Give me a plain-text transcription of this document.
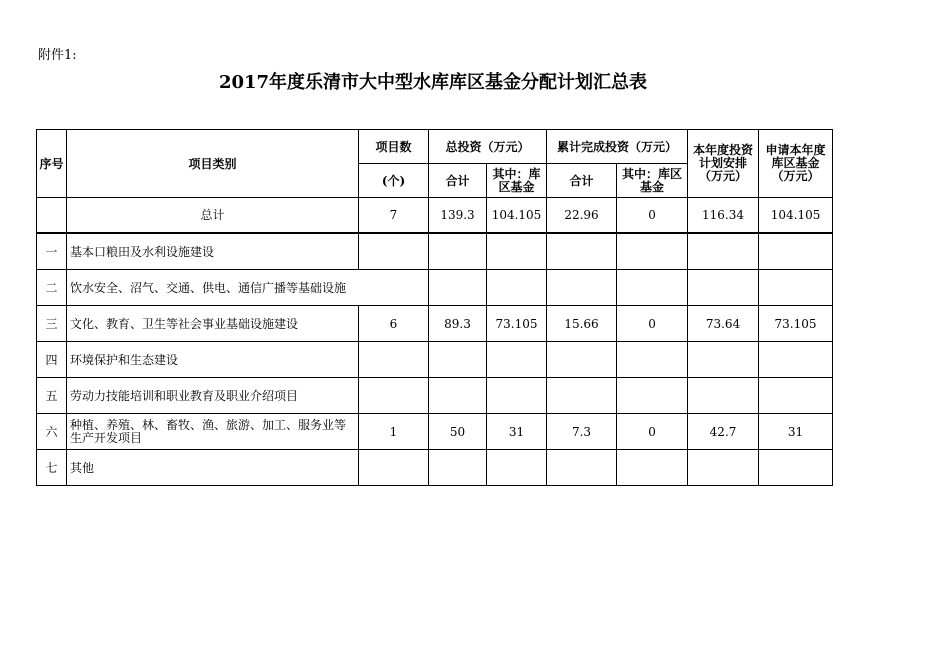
附件1:
2017年度乐清市大中型水库库区基金分配计划汇总表
序号	项目类别	项目数	总投资（万元）		累计完成投资（万元）		本年度投资计划安排（万元）	申请本年度库区基金（万元）
		(个)	合计	其中：库区基金	合计	其中：库区基金		
	总计	7	139.3	104.105	22.96	0	116.34	104.105
一	基本口粮田及水利设施建设							
二	饮水安全、沼气、交通、供电、通信广播等基础设施							
三	文化、教育、卫生等社会事业基础设施建设	6	89.3	73.105	15.66	0	73.64	73.105
四	环境保护和生态建设							
五	劳动力技能培训和职业教育及职业介绍项目							
六	种植、养殖、林、畜牧、渔、旅游、加工、服务业等生产开发项目	1	50	31	7.3	0	42.7	31
七	其他							
